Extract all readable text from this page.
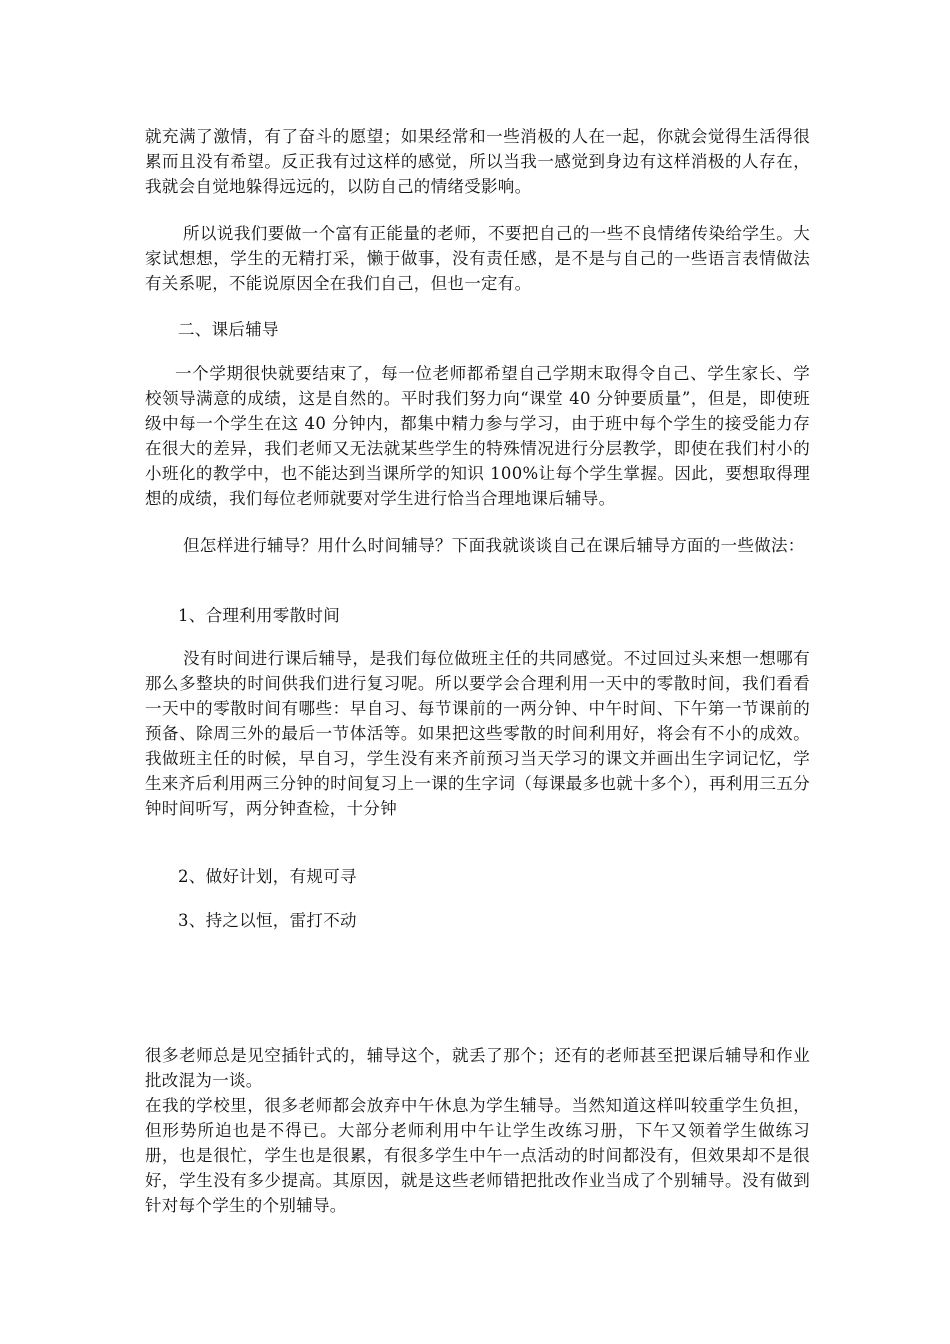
就充满了激情，有了奋斗的愿望；如果经常和一些消极的人在一起，你就会觉得生活得很累而且没有希望。反正我有过这样的感觉，所以当我一感觉到身边有这样消极的人存在，我就会自觉地躲得远远的，以防自己的情绪受影响。

所以说我们要做一个富有正能量的老师，不要把自己的一些不良情绪传染给学生。大家试想想，学生的无精打采，懒于做事，没有责任感，是不是与自己的一些语言表情做法有关系呢，不能说原因全在我们自己，但也一定有。

二、课后辅导

一个学期很快就要结束了，每一位老师都希望自己学期末取得令自己、学生家长、学校领导满意的成绩，这是自然的。平时我们努力向“课堂 40 分钟要质量”，但是，即使班级中每一个学生在这 40 分钟内，都集中精力参与学习，由于班中每个学生的接受能力存在很大的差异，我们老师又无法就某些学生的特殊情况进行分层教学，即使在我们村小的小班化的教学中，也不能达到当课所学的知识 100%让每个学生掌握。因此，要想取得理想的成绩，我们每位老师就要对学生进行恰当合理地课后辅导。

但怎样进行辅导？用什么时间辅导？下面我就谈谈自己在课后辅导方面的一些做法：

1、合理利用零散时间

没有时间进行课后辅导，是我们每位做班主任的共同感觉。不过回过头来想一想哪有那么多整块的时间供我们进行复习呢。所以要学会合理利用一天中的零散时间，我们看看一天中的零散时间有哪些：早自习、每节课前的一两分钟、中午时间、下午第一节课前的预备、除周三外的最后一节体活等。如果把这些零散的时间利用好，将会有不小的成效。我做班主任的时候，早自习，学生没有来齐前预习当天学习的课文并画出生字词记忆，学生来齐后利用两三分钟的时间复习上一课的生字词（每课最多也就十多个），再利用三五分钟时间听写，两分钟查检，十分钟

2、做好计划，有规可寻

3、持之以恒，雷打不动

很多老师总是见空插针式的，辅导这个，就丢了那个；还有的老师甚至把课后辅导和作业批改混为一谈。

在我的学校里，很多老师都会放弃中午休息为学生辅导。当然知道这样叫较重学生负担，但形势所迫也是不得已。大部分老师利用中午让学生改练习册，下午又领着学生做练习册，也是很忙，学生也是很累，有很多学生中午一点活动的时间都没有，但效果却不是很好，学生没有多少提高。其原因，就是这些老师错把批改作业当成了个别辅导。没有做到针对每个学生的个别辅导。
